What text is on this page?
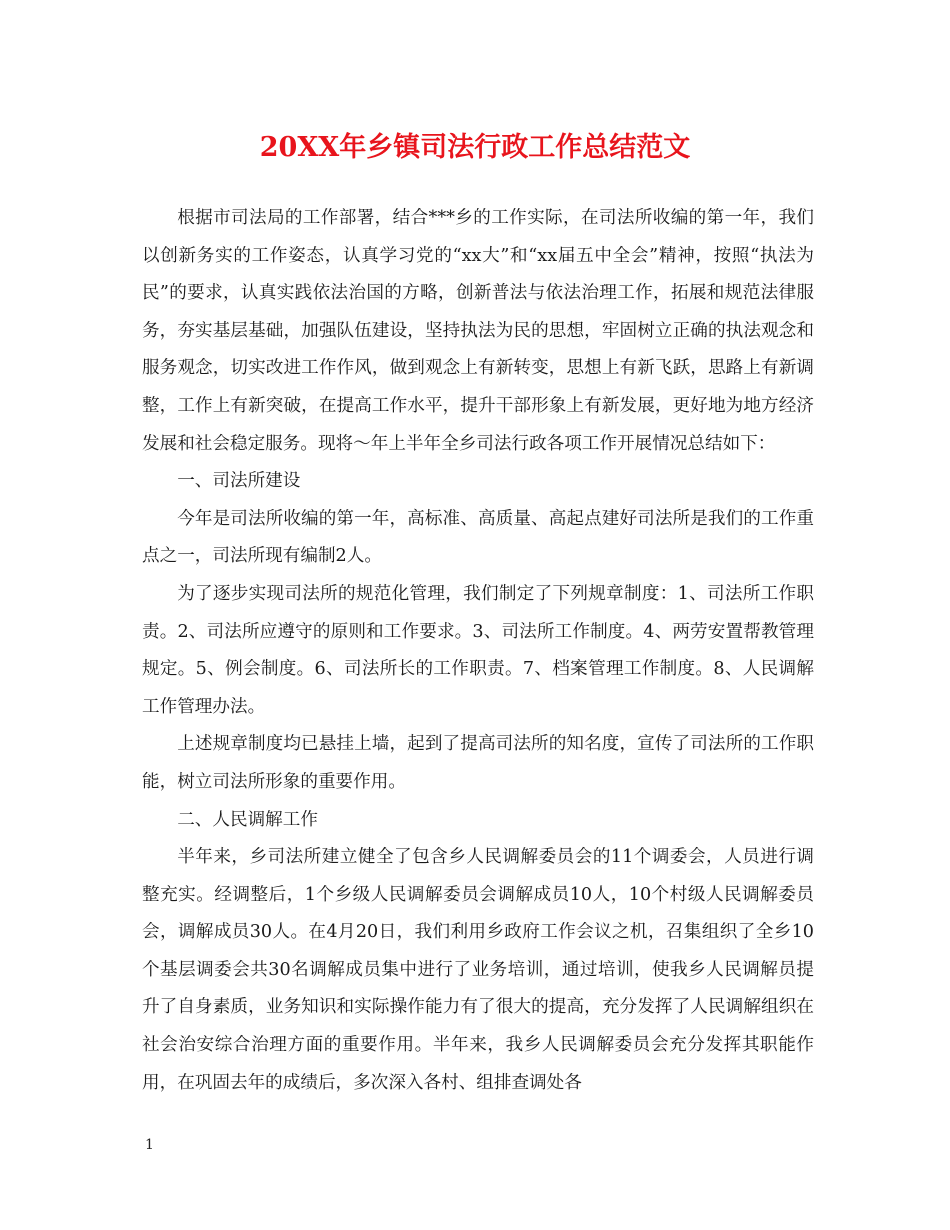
20XX年乡镇司法行政工作总结范文

根据市司法局的工作部署，结合***乡的工作实际，在司法所收编的第一年，我们以创新务实的工作姿态，认真学习党的“xx大”和“xx届五中全会”精神，按照“执法为民”的要求，认真实践依法治国的方略，创新普法与依法治理工作，拓展和规范法律服务，夯实基层基础，加强队伍建设，坚持执法为民的思想，牢固树立正确的执法观念和服务观念，切实改进工作作风，做到观念上有新转变，思想上有新飞跃，思路上有新调整，工作上有新突破，在提高工作水平，提升干部形象上有新发展，更好地为地方经济发展和社会稳定服务。现将～年上半年全乡司法行政各项工作开展情况总结如下：

一、司法所建设

今年是司法所收编的第一年，高标准、高质量、高起点建好司法所是我们的工作重点之一，司法所现有编制2人。

为了逐步实现司法所的规范化管理，我们制定了下列规章制度：1、司法所工作职责。2、司法所应遵守的原则和工作要求。3、司法所工作制度。4、两劳安置帮教管理规定。5、例会制度。6、司法所长的工作职责。7、档案管理工作制度。8、人民调解工作管理办法。

上述规章制度均已悬挂上墙，起到了提高司法所的知名度，宣传了司法所的工作职能，树立司法所形象的重要作用。

二、人民调解工作

半年来，乡司法所建立健全了包含乡人民调解委员会的11个调委会，人员进行调整充实。经调整后，1个乡级人民调解委员会调解成员10人，10个村级人民调解委员会，调解成员30人。在4月20日，我们利用乡政府工作会议之机，召集组织了全乡10个基层调委会共30名调解成员集中进行了业务培训，通过培训，使我乡人民调解员提升了自身素质，业务知识和实际操作能力有了很大的提高，充分发挥了人民调解组织在社会治安综合治理方面的重要作用。半年来，我乡人民调解委员会充分发挥其职能作用，在巩固去年的成绩后，多次深入各村、组排查调处各

1
